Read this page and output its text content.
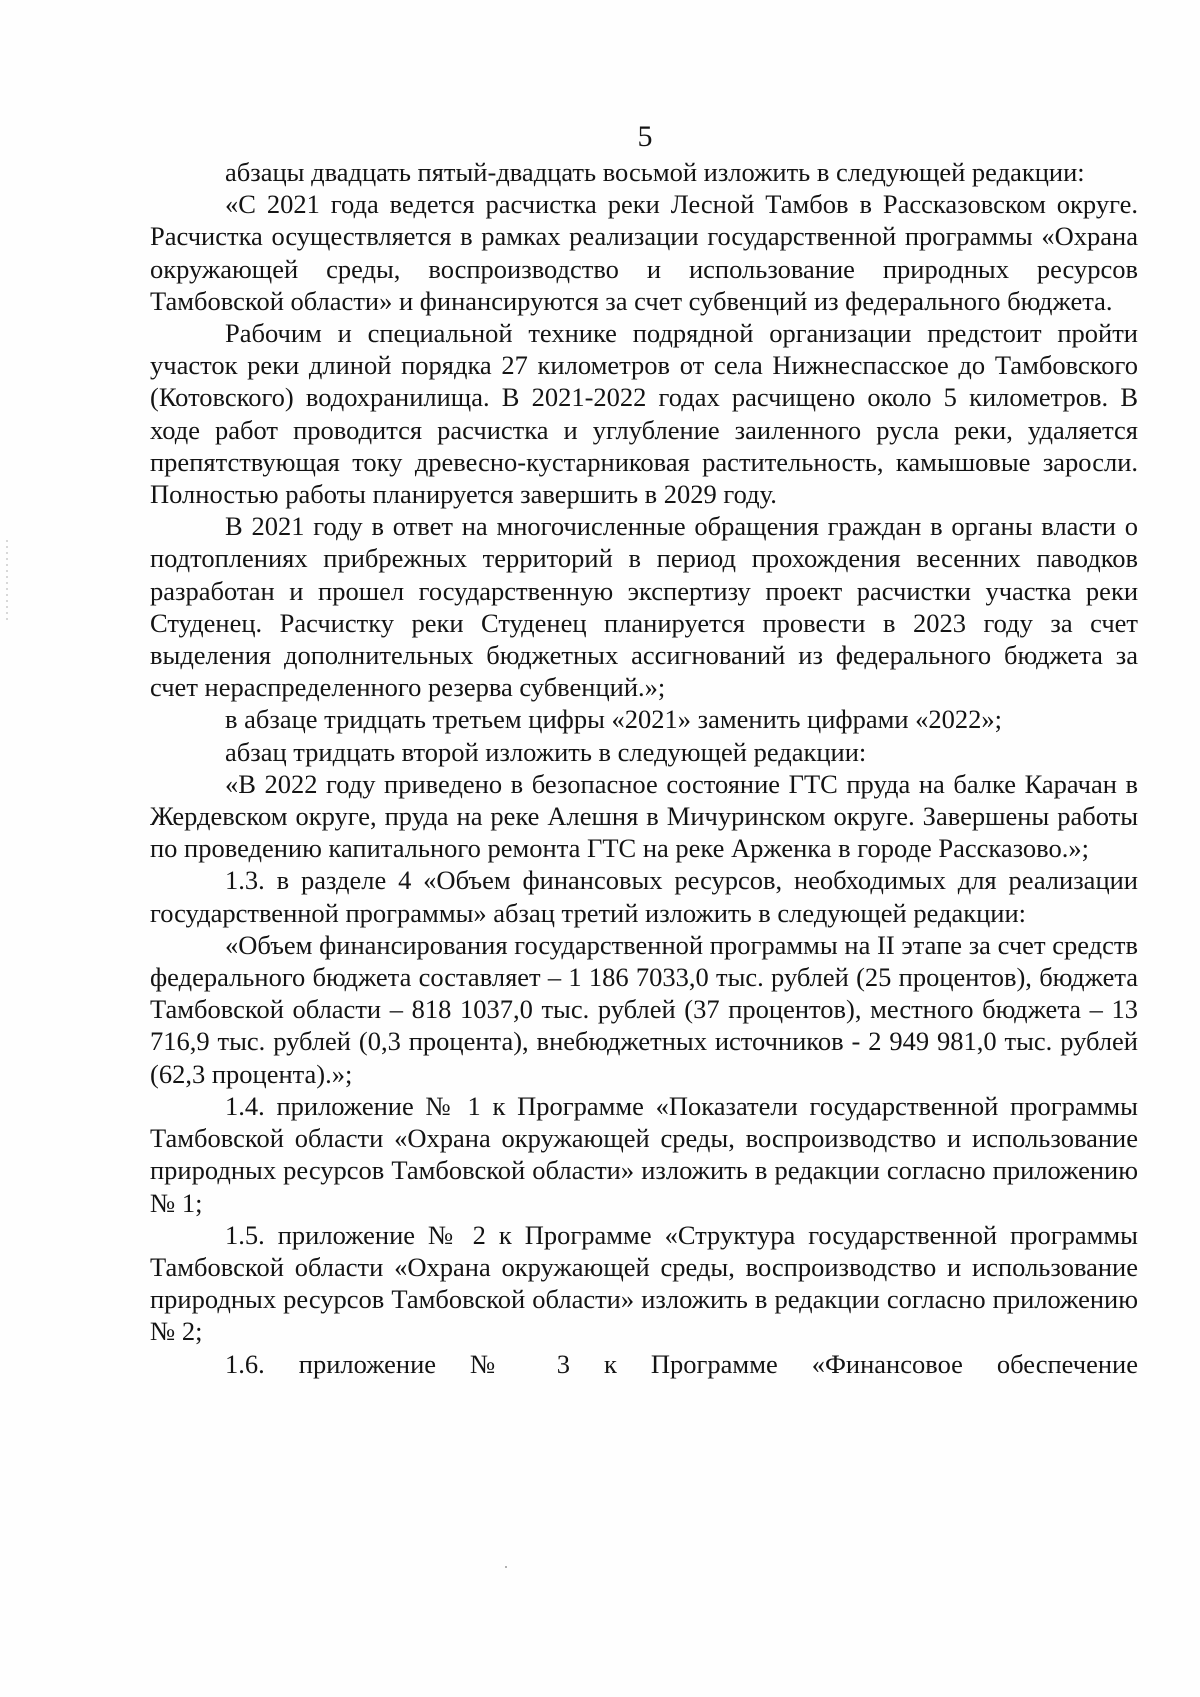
5

абзацы двадцать пятый-двадцать восьмой изложить в следующей редакции:

«С 2021 года ведется расчистка реки Лесной Тамбов в Рассказовском округе. Расчистка осуществляется в рамках реализации государственной программы «Охрана окружающей среды, воспроизводство и использование природных ресурсов Тамбовской области» и финансируются за счет субвенций из федерального бюджета.

Рабочим и специальной технике подрядной организации предстоит пройти участок реки длиной порядка 27 километров от села Нижнеспасское до Тамбовского (Котовского) водохранилища. В 2021-2022 годах расчищено около 5 километров. В ходе работ проводится расчистка и углубление заиленного русла реки, удаляется препятствующая току древесно-кустарниковая растительность, камышовые заросли. Полностью работы планируется завершить в 2029 году.

В 2021 году в ответ на многочисленные обращения граждан в органы власти о подтоплениях прибрежных территорий в период прохождения весенних паводков разработан и прошел государственную экспертизу проект расчистки участка реки Студенец. Расчистку реки Студенец планируется провести в 2023 году за счет выделения дополнительных бюджетных ассигнований из федерального бюджета за счет нераспределенного резерва субвенций.»;

в абзаце тридцать третьем цифры «2021» заменить цифрами «2022»;

абзац тридцать второй изложить в следующей редакции:

«В 2022 году приведено в безопасное состояние ГТС пруда на балке Карачан в Жердевском округе, пруда на реке Алешня в Мичуринском округе. Завершены работы по проведению капитального ремонта ГТС на реке Арженка в городе Рассказово.»;

1.3. в разделе 4 «Объем финансовых ресурсов, необходимых для реализации государственной программы» абзац третий изложить в следующей редакции:

«Объем финансирования государственной программы на II этапе за счет средств федерального бюджета составляет – 1 186 7033,0 тыс. рублей (25 процентов), бюджета Тамбовской области – 818 1037,0 тыс. рублей (37 процентов), местного бюджета – 13 716,9 тыс. рублей (0,3 процента), внебюджетных источников - 2 949 981,0 тыс. рублей (62,3 процента).»;

1.4. приложение № 1 к Программе «Показатели государственной программы Тамбовской области «Охрана окружающей среды, воспроизводство и использование природных ресурсов Тамбовской области» изложить в редакции согласно приложению № 1;

1.5. приложение № 2 к Программе «Структура государственной программы Тамбовской области «Охрана окружающей среды, воспроизводство и использование природных ресурсов Тамбовской области» изложить в редакции согласно приложению № 2;

1.6. приложение № 3 к Программе «Финансовое обеспечение
